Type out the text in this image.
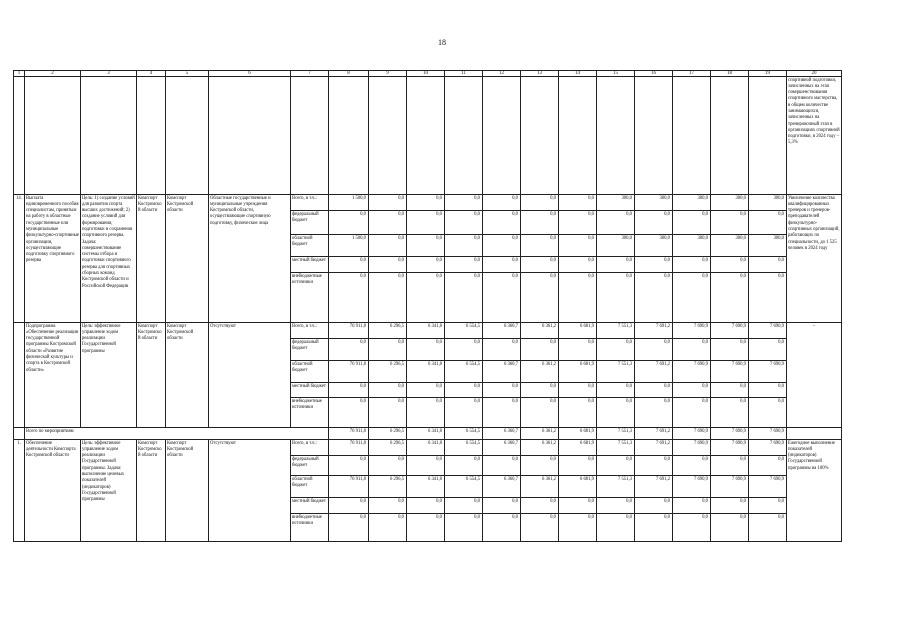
18
1	2	3	4	5	6	7	8	9	10	11	12	13	14	15	16	17	18	19	20
																			спортивной подготовки, зачисленных на этап совершенствования спортивного мастерства, в общем количестве занимающихся, зачисленных на тренировочный этап в организациях спортивной подготовки, в 2024 году – 5,3%
14.	Выплата единовременного пособия специалистам, принятым на работу в областные государственные или муниципальные физкультурно-спортивные организации, осуществляющие подготовку спортивного резерва	Цель: 1) создание условий для развития спорта высших достижений; 2) создание условий для формирования, подготовки и сохранения спортивного резерва. Задача: совершенствование системы отбора и подготовки спортивного резерва для спортивных сборных команд Костромской области и Российской Федерации	Комспорт Костромской области	Комспорт Костромской области	Областные государственные и муниципальные учреждения Костромской области, осуществляющие спортивную подготовку, физические лица	Всего, в т.ч.:	1 500,0	0,0	0,0	0,0	0,0	0,0	0,0	300,0	300,0	300,0	300,0	300,0	Увеличение количества квалифицированных тренеров и тренеров-преподавателей физкультурно-спортивных организаций, работающих по специальности, до 1 525 человек в 2024 году
						федеральный бюджет	0,0	0,0	0,0	0,0	0,0	0,0	0,0	0,0	0,0	0,0	0,0	0,0	
						областной бюджет	1 500,0	0,0	0,0	0,0	0,0	0,0	0,0	300,0	300,0	300,0	300,0	300,0	
						местный бюджет	0,0	0,0	0,0	0,0	0,0	0,0	0,0	0,0	0,0	0,0	0,0	0,0	
						внебюджетные источники	0,0	0,0	0,0	0,0	0,0	0,0	0,0	0,0	0,0	0,0	0,0	0,0	
	Подпрограмма «Обеспечение реализации государственной программы Костромской области «Развитие физической культуры и спорта в Костромской области»	Цель: эффективное управление ходом реализации Государственной программы	Комспорт Костромской области	Комспорт Костромской области	Отсутствуют	Всего, в т.ч.:	76 911,8	6 296,5	6 341,8	6 554,5	6 360,7	6 361,2	6 681,9	7 551,3	7 691,2	7 690,9	7 690,9	7 690,9	–
						федеральный бюджет	0,0	0,0	0,0	0,0	0,0	0,0	0,0	0,0	0,0	0,0	0,0	0,0	
						областной бюджет	76 911,8	6 296,5	6 341,8	6 554,5	6 360,7	6 361,2	6 681,9	7 551,3	7 691,2	7 690,9	7 690,9	7 690,9	
						местный бюджет	0,0	0,0	0,0	0,0	0,0	0,0	0,0	0,0	0,0	0,0	0,0	0,0	
						внебюджетные источники	0,0	0,0	0,0	0,0	0,0	0,0	0,0	0,0	0,0	0,0	0,0	0,0	
	Всего по мероприятиям						76 911,8	6 296,5	6 341,8	6 554,5	6 360,7	6 361,2	6 681,9	7 551,3	7 691,2	7 690,9	7 690,9	7 690,9	
1.	Обеспечение деятельности Комспорта Костромской области	Цель: эффективное управление ходом реализации Государственной программы. Задача: выполнение целевых показателей (индикаторов) Государственной программы	Комспорт Костромской области	Комспорт Костромской области	Отсутствуют	Всего, в т.ч.:	76 911,8	6 296,5	6 341,8	6 554,5	6 360,7	6 361,2	6 681,9	7 551,3	7 691,2	7 690,9	7 690,9	7 690,9	Ежегодное выполнение показателей (индикаторов) Государственной программы на 100%
						федеральный бюджет	0,0	0,0	0,0	0,0	0,0	0,0	0,0	0,0	0,0	0,0	0,0	0,0	
						областной бюджет	76 911,8	6 296,5	6 341,8	6 554,5	6 360,7	6 361,2	6 681,9	7 551,3	7 691,2	7 690,9	7 690,9	7 690,9	
						местный бюджет	0,0	0,0	0,0	0,0	0,0	0,0	0,0	0,0	0,0	0,0	0,0	0,0	
						внебюджетные источники	0,0	0,0	0,0	0,0	0,0	0,0	0,0	0,0	0,0	0,0	0,0	0,0	
